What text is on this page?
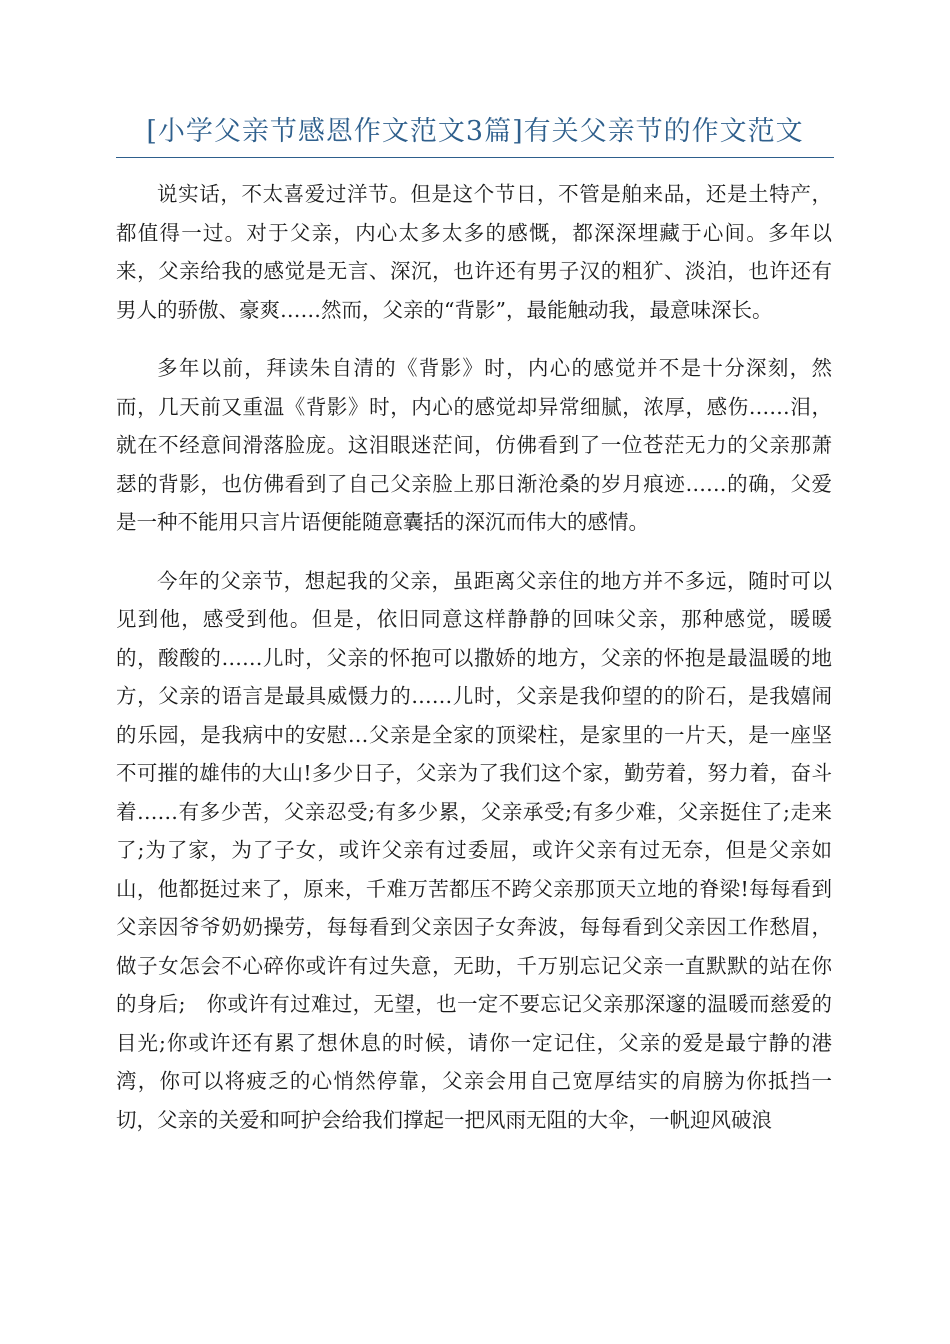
[小学父亲节感恩作文范文3篇]有关父亲节的作文范文

说实话，不太喜爱过洋节。但是这个节日，不管是舶来品，还是土特产，都值得一过。对于父亲，内心太多太多的感慨，都深深埋藏于心间。多年以来，父亲给我的感觉是无言、深沉，也许还有男子汉的粗犷、淡泊，也许还有男人的骄傲、豪爽……然而，父亲的“背影”，最能触动我，最意味深长。

多年以前，拜读朱自清的《背影》时，内心的感觉并不是十分深刻，然而，几天前又重温《背影》时，内心的感觉却异常细腻，浓厚，感伤……泪，就在不经意间滑落脸庞。这泪眼迷茫间，仿佛看到了一位苍茫无力的父亲那萧瑟的背影，也仿佛看到了自己父亲脸上那日渐沧桑的岁月痕迹……的确，父爱是一种不能用只言片语便能随意囊括的深沉而伟大的感情。

今年的父亲节，想起我的父亲，虽距离父亲住的地方并不多远，随时可以见到他，感受到他。但是，依旧同意这样静静的回味父亲，那种感觉，暖暖的，酸酸的……儿时，父亲的怀抱可以撒娇的地方，父亲的怀抱是最温暖的地方，父亲的语言是最具威慑力的……儿时，父亲是我仰望的的阶石，是我嬉闹的乐园，是我病中的安慰…父亲是全家的顶梁柱，是家里的一片天，是一座坚不可摧的雄伟的大山!多少日子，父亲为了我们这个家，勤劳着，努力着，奋斗着……有多少苦，父亲忍受;有多少累，父亲承受;有多少难，父亲挺住了;走来了;为了家，为了子女，或许父亲有过委屈，或许父亲有过无奈，但是父亲如山，他都挺过来了，原来，千难万苦都压不跨父亲那顶天立地的脊梁!每每看到父亲因爷爷奶奶操劳，每每看到父亲因子女奔波，每每看到父亲因工作愁眉，做子女怎会不心碎你或许有过失意，无助，千万别忘记父亲一直默默的站在你的身后;　你或许有过难过，无望，也一定不要忘记父亲那深邃的温暖而慈爱的目光;你或许还有累了想休息的时候，请你一定记住，父亲的爱是最宁静的港湾，你可以将疲乏的心悄然停靠，父亲会用自己宽厚结实的肩膀为你抵挡一切，父亲的关爱和呵护会给我们撑起一把风雨无阻的大伞，一帆迎风破浪
